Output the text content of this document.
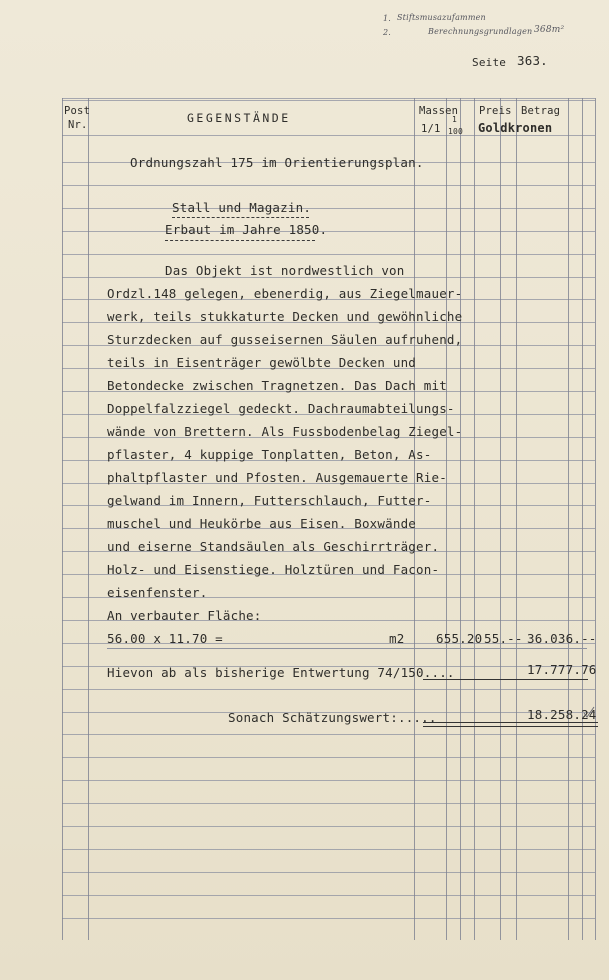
1. Stiftsmusazufammen
2.	Berechnungsgrundlagen 368m²
Seite 363.
Post
Nr.	GEGENSTÄNDE	Massen
1/1
1
100
Preis Betrag
Goldkronen
Ordnungszahl 175 im Orientierungsplan.
Stall und Magazin.
Erbaut im Jahre 1850.
Das Objekt ist nordwestlich von
Ordzl.148 gelegen, ebenerdig, aus Ziegelmauer-
werk, teils stukkaturte Decken und gewöhnliche
Sturzdecken auf gusseisernen Säulen aufruhend,
teils in Eisenträger gewölbte Decken und
Betondecke zwischen Tragnetzen. Das Dach mit
Doppelfalzziegel gedeckt. Dachraumabteilungs-
wände von Brettern. Als Fussbodenbelag Ziegel-
pflaster, 4 kuppige Tonplatten, Beton, As-
phaltpflaster und Pfosten. Ausgemauerte Rie-
gelwand im Innern, Futterschlauch, Futter-
muschel und Heukörbe aus Eisen. Boxwände
und eiserne Standsäulen als Geschirrträger.
Holz- und Eisenstiege. Holztüren und Facon-
eisenfenster.
An verbauter Fläche:
56.00 x 11.70 =	m2	655.20 55.-- 36.036.--
Hievon ab als bisherige Entwertung 74/150....	17.777.76
Sonach Schätzungswert:.....	18.258.24
